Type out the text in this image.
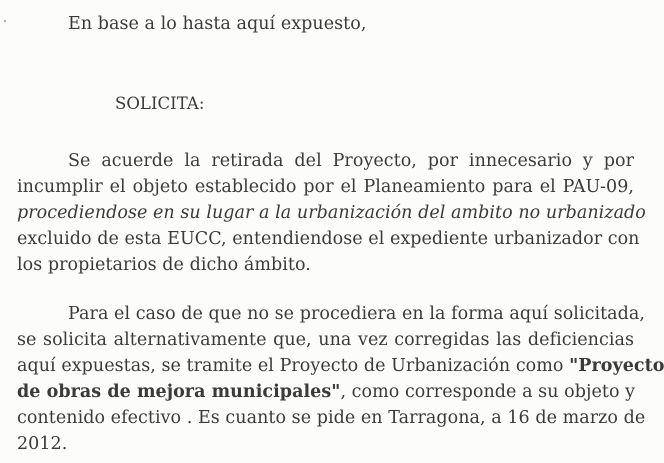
En base a lo hasta aquí expuesto,
SOLICITA:
Se acuerde la retirada del Proyecto, por innecesario y por
incumplir el objeto establecido por el Planeamiento para el PAU-09,
procediendose en su lugar a la urbanización del ambito no urbanizado
excluido de esta EUCC, entendiendose el expediente urbanizador con
los propietarios de dicho ámbito.
Para el caso de que no se procediera en la forma aquí solicitada,
se solicita alternativamente que, una vez corregidas las deficiencias
aquí expuestas, se tramite el Proyecto de Urbanización como "Proyecto
de obras de mejora municipales" , como corresponde a su objeto y
contenido efectivo . Es cuanto se pide en Tarragona, a 16 de marzo de
2012.
